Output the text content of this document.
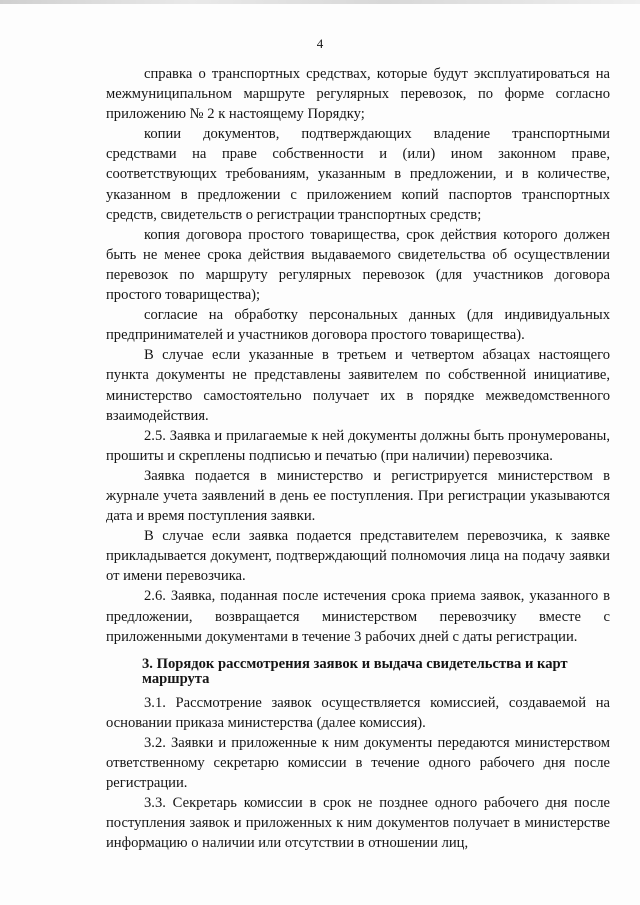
4

справка о транспортных средствах, которые будут эксплуатироваться на межмуниципальном маршруте регулярных перевозок, по форме согласно приложению № 2 к настоящему Порядку;

копии документов, подтверждающих владение транспортными средствами на праве собственности и (или) ином законном праве, соответствующих требованиям, указанным в предложении, и в количестве, указанном в предложении с приложением копий паспортов транспортных средств, свидетельств о регистрации транспортных средств;

копия договора простого товарищества, срок действия которого должен быть не менее срока действия выдаваемого свидетельства об осуществлении перевозок по маршруту регулярных перевозок (для участников договора простого товарищества);

согласие на обработку персональных данных (для индивидуальных предпринимателей и участников договора простого товарищества).

В случае если указанные в третьем и четвертом абзацах настоящего пункта документы не представлены заявителем по собственной инициативе, министерство самостоятельно получает их в порядке межведомственного взаимодействия.

2.5. Заявка и прилагаемые к ней документы должны быть пронумерованы, прошиты и скреплены подписью и печатью (при наличии) перевозчика.

Заявка подается в министерство и регистрируется министерством в журнале учета заявлений в день ее поступления. При регистрации указываются дата и время поступления заявки.

В случае если заявка подается представителем перевозчика, к заявке прикладывается документ, подтверждающий полномочия лица на подачу заявки от имени перевозчика.

2.6. Заявка, поданная после истечения срока приема заявок, указанного в предложении, возвращается министерством перевозчику вместе с приложенными документами в течение 3 рабочих дней с даты регистрации.

3. Порядок рассмотрения заявок и выдача свидетельства и карт маршрута

3.1. Рассмотрение заявок осуществляется комиссией, создаваемой на основании приказа министерства (далее комиссия).

3.2. Заявки и приложенные к ним документы передаются министерством ответственному секретарю комиссии в течение одного рабочего дня после регистрации.

3.3. Секретарь комиссии в срок не позднее одного рабочего дня после поступления заявок и приложенных к ним документов получает в министерстве информацию о наличии или отсутствии в отношении лиц,
